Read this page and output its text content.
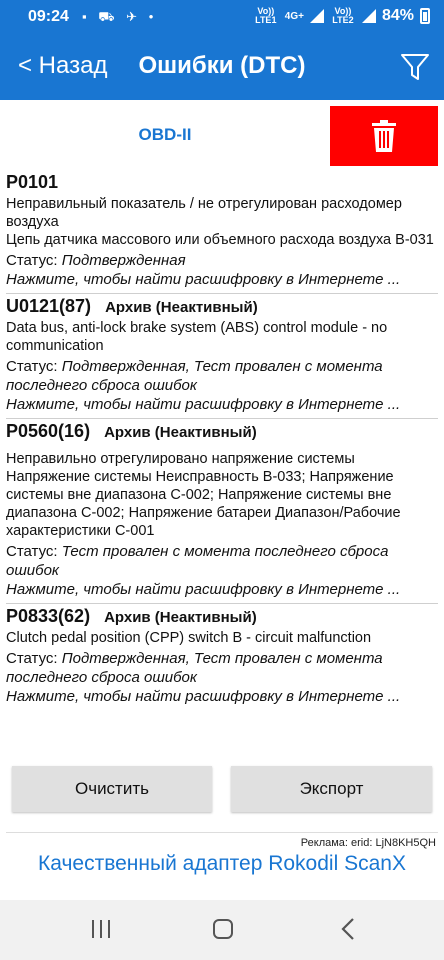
09:24 ▪ ⛟ ✈ •	Vo)) LTE1 4G+	Vo)) LTE2 84%
Ошибки (DTC)
< Назад
OBD-II
P0101
Неправильный показатель / не отрегулирован расходомер воздуха
Цепь датчика массового или объемного расхода воздуха B-031
Статус: Подтвержденная
Нажмите, чтобы найти расшифровку в Интернете ...
U0121(87) Архив (Неактивный)
Data bus, anti-lock brake system (ABS) control module - no communication
Статус: Подтвержденная, Тест провален с момента последнего сброса ошибок
Нажмите, чтобы найти расшифровку в Интернете ...
P0560(16) Архив (Неактивный)
Неправильно отрегулировано напряжение системы
Напряжение системы Неисправность B-033; Напряжение системы вне диапазона C-002; Напряжение системы вне диапазона C-002; Напряжение батареи Диапазон/Рабочие характеристики C-001
Статус: Тест провален с момента последнего сброса ошибок
Нажмите, чтобы найти расшифровку в Интернете ...
P0833(62) Архив (Неактивный)
Clutch pedal position (CPP) switch B - circuit malfunction
Статус: Подтвержденная, Тест провален с момента последнего сброса ошибок
Нажмите, чтобы найти расшифровку в Интернете ...
Очистить	Экспорт
Реклама: erid: LjN8KH5QH
Качественный адаптер Rokodil ScanX
